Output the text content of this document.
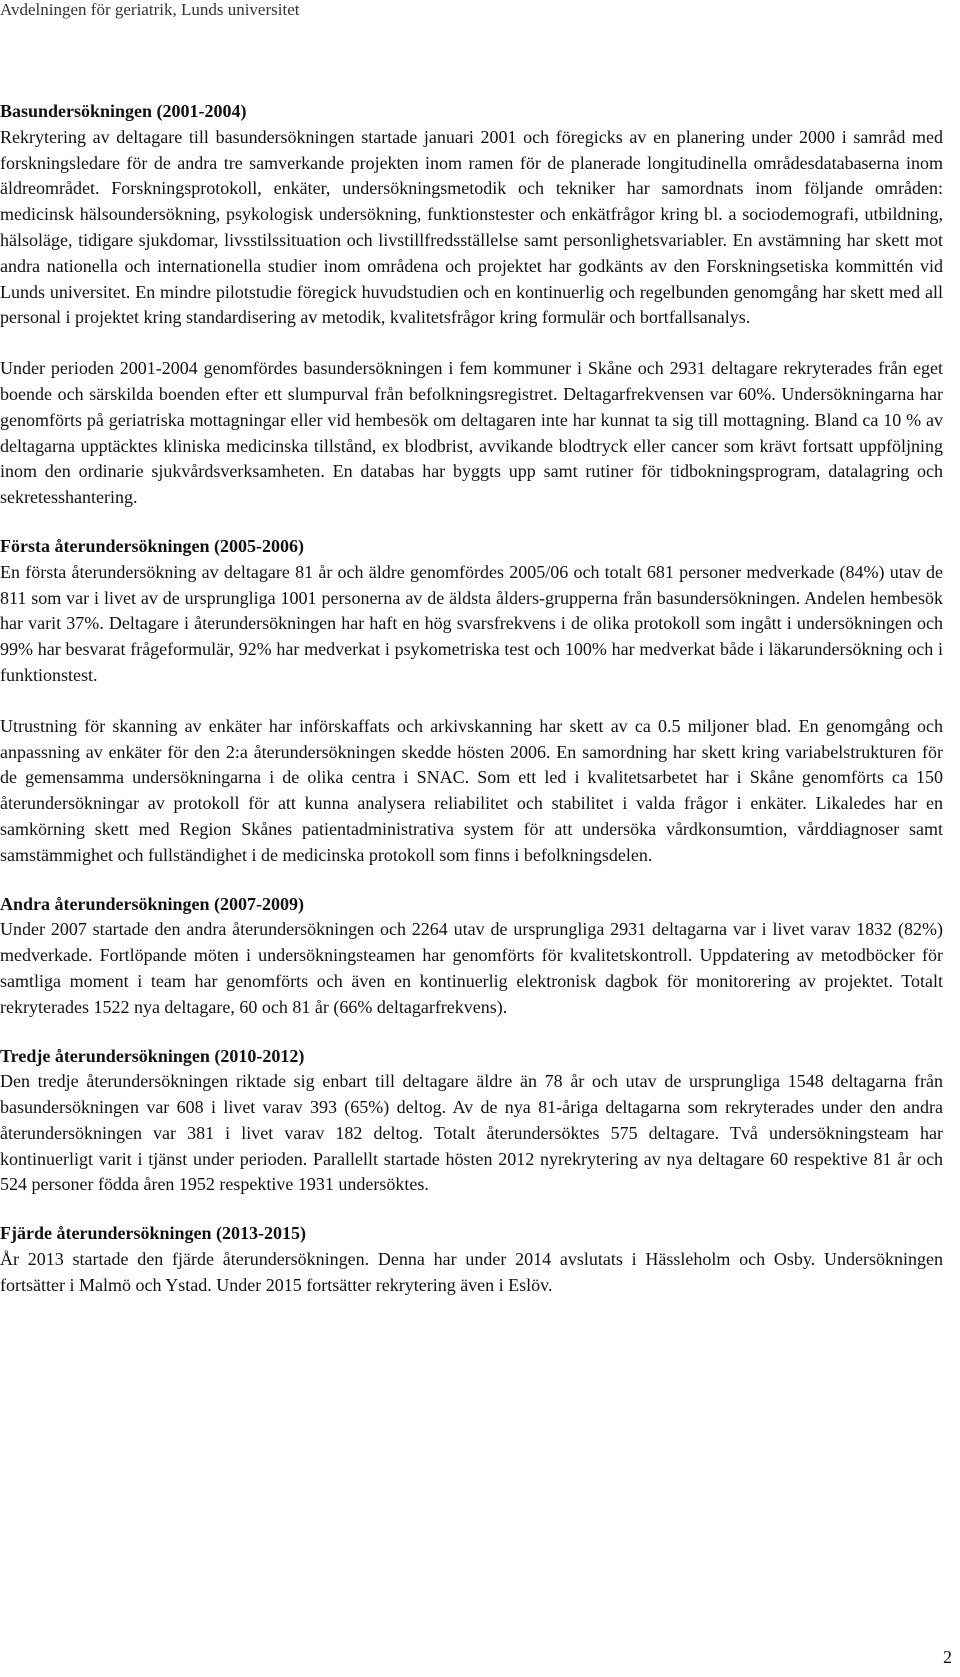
Avdelningen för geriatrik, Lunds universitet
Basundersökningen (2001-2004)

Rekrytering av deltagare till basundersökningen startade januari 2001 och föregicks av en planering under 2000 i samråd med forskningsledare för de andra tre samverkande projekten inom ramen för de planerade longitudinella områdesdatabaserna inom äldreområdet. Forskningsprotokoll, enkäter, undersökningsmetodik och tekniker har samordnats inom följande områden: medicinsk hälsoundersökning, psykologisk undersökning, funktionstester och enkätfrågor kring bl. a sociodemografi, utbildning, hälsoläge, tidigare sjukdomar, livsstilssituation och livstillfredsställelse samt personlighetsvariabler. En avstämning har skett mot andra nationella och internationella studier inom områdena och projektet har godkänts av den Forskningsetiska kommittén vid Lunds universitet. En mindre pilotstudie föregick huvudstudien och en kontinuerlig och regelbunden genomgång har skett med all personal i projektet kring standardisering av metodik, kvalitetsfrågor kring formulär och bortfallsanalys.

Under perioden 2001-2004 genomfördes basundersökningen i fem kommuner i Skåne och 2931 deltagare rekryterades från eget boende och särskilda boenden efter ett slumpurval från befolkningsregistret. Deltagarfrekvensen var 60%. Undersökningarna har genomförts på geriatriska mottagningar eller vid hembesök om deltagaren inte har kunnat ta sig till mottagning. Bland ca 10 % av deltagarna upptäcktes kliniska medicinska tillstånd, ex blodbrist, avvikande blodtryck eller cancer som krävt fortsatt uppföljning inom den ordinarie sjukvårdsverksamheten. En databas har byggts upp samt rutiner för tidbokningsprogram, datalagring och sekretesshantering.

Första återundersökningen (2005-2006)

En första återundersökning av deltagare 81 år och äldre genomfördes 2005/06 och totalt 681 personer medverkade (84%) utav de 811 som var i livet av de ursprungliga 1001 personerna av de äldsta ålders-grupperna från basundersökningen. Andelen hembesök har varit 37%. Deltagare i återundersökningen har haft en hög svarsfrekvens i de olika protokoll som ingått i undersökningen och 99% har besvarat frågeformulär, 92% har medverkat i psykometriska test och 100% har medverkat både i läkarundersökning och i funktionstest.

Utrustning för skanning av enkäter har införskaffats och arkivskanning har skett av ca 0.5 miljoner blad. En genomgång och anpassning av enkäter för den 2:a återundersökningen skedde hösten 2006. En samordning har skett kring variabelstrukturen för de gemensamma undersökningarna i de olika centra i SNAC. Som ett led i kvalitetsarbetet har i Skåne genomförts ca 150 återundersökningar av protokoll för att kunna analysera reliabilitet och stabilitet i valda frågor i enkäter. Likaledes har en samkörning skett med Region Skånes patientadministrativa system för att undersöka vårdkonsumtion, vårddiagnoser samt samstämmighet och fullständighet i de medicinska protokoll som finns i befolkningsdelen.

Andra återundersökningen (2007-2009)

Under 2007 startade den andra återundersökningen och 2264 utav de ursprungliga 2931 deltagarna var i livet varav 1832 (82%) medverkade. Fortlöpande möten i undersökningsteamen har genomförts för kvalitetskontroll. Uppdatering av metodböcker för samtliga moment i team har genomförts och även en kontinuerlig elektronisk dagbok för monitorering av projektet. Totalt rekryterades 1522 nya deltagare, 60 och 81 år (66% deltagarfrekvens).

Tredje återundersökningen (2010-2012)

Den tredje återundersökningen riktade sig enbart till deltagare äldre än 78 år och utav de ursprungliga 1548 deltagarna från basundersökningen var 608 i livet varav 393 (65%) deltog. Av de nya 81-åriga deltagarna som rekryterades under den andra återundersökningen var 381 i livet varav 182 deltog. Totalt återundersöktes 575 deltagare. Två undersökningsteam har kontinuerligt varit i tjänst under perioden. Parallellt startade hösten 2012 nyrekrytering av nya deltagare 60 respektive 81 år och 524 personer födda åren 1952 respektive 1931 undersöktes.

Fjärde återundersökningen (2013-2015)

År 2013 startade den fjärde återundersökningen. Denna har under 2014 avslutats i Hässleholm och Osby. Undersökningen fortsätter i Malmö och Ystad. Under 2015 fortsätter rekrytering även i Eslöv.

2
